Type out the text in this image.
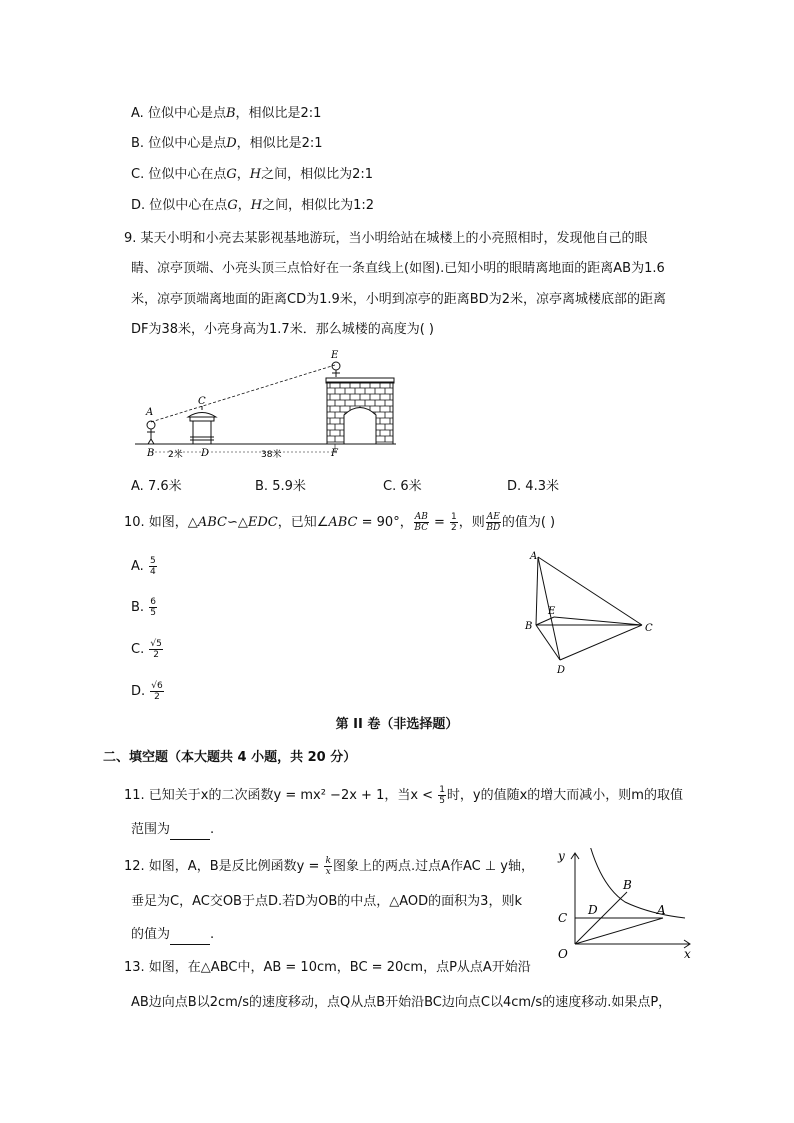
A. 位似中心是点B，相似比是2:1
B. 位似中心是点D，相似比是2:1
C. 位似中心在点G，H之间，相似比为2:1
D. 位似中心在点G，H之间，相似比为1:2
9. 某天小明和小亮去某影视基地游玩，当小明给站在城楼上的小亮照相时，发现他自己的眼
睛、凉亭顶端、小亮头顶三点恰好在一条直线上(如图).已知小明的眼睛离地面的距离AB为1.6
米，凉亭顶端离地面的距离CD为1.9米，小明到凉亭的距离BD为2米，凉亭离城楼底部的距离
DF为38米，小亮身高为1.7米．那么城楼的高度为( )
A
B
C
D
E
F
2米	38米
A. 7.6米	B. 5.9米	C. 6米	D. 4.3米
10. 如图，△ABC∽△EDC，已知∠ABC = 90°， $\frac{AB}{BC} = \frac{1}{2}$ ，则 $\frac{AE}{BD}$ 的值为( )
A. $\frac{5}{4}$
B. $\frac{6}{5}$
C. $\frac{√5}{2}$
D. $\frac{√6}{2}$
A
B	C
D
E
第 II 卷（非选择题）
二、填空题（本大题共 4 小题，共 20 分）
11. 已知关于x的二次函数y = mx² −2x + 1，当$x < \frac{1}{5}$ 时，y的值随x的增大而减小，则m的取值
范围为	.
12. 如图，A，B是反比例函数$y = \frac{k}{x}$ 图象上的两点.过点A作AC ⊥ y轴，
垂足为C，AC交OB于点D.若D为OB的中点，△AOD的面积为3，则k
的值为	.
y
x
O
C
D	A
B
13. 如图，在△ABC中，AB = 10cm，BC = 20cm，点P从点A开始沿
AB边向点B以2cm/s的速度移动，点Q从点B开始沿BC边向点C以4cm/s的速度移动.如果点P，
